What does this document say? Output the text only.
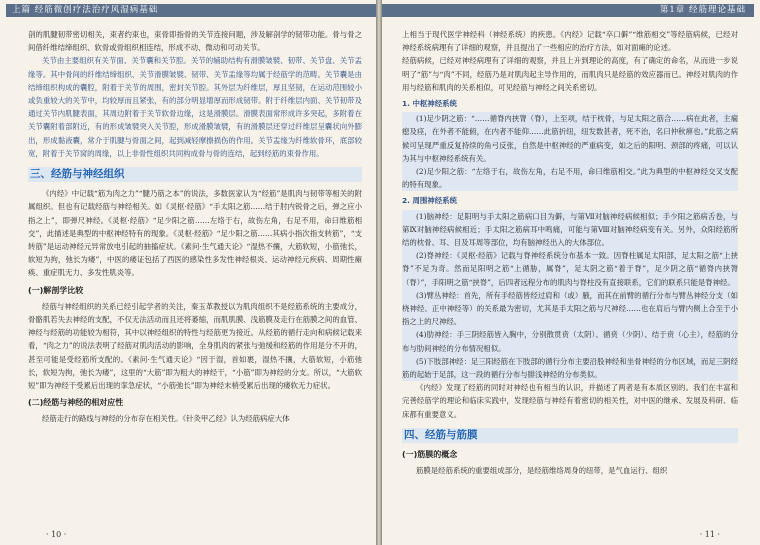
上篇 经筋微创疗法治疗风湿病基础

剖的肌腱韧带密切相关，束者约束也，束骨即指骨的关节连接问题，涉及解剖学的韧带功能。骨与骨之间借纤维结缔组织、软骨或骨组织相连结，形成不动、微动和可动关节。

关节由主要组织有关节面、关节囊和关节腔。关节的辅助结构有滑膜皱襞、韧带、关节盘、关节盂缘等。其中骨间的纤维结缔组织、关节滑膜皱襞、韧带、关节盂缘等均属于经筋学的范畴。关节囊是由结缔组织构成的囊腔，附着于关节的周围，密封关节腔。其外层为纤维层，厚且坚韧，在运动范围较小或负重较大的关节中，均较厚而且紧张，有的部分明显增厚而形成韧带。附于纤维层内面、关节韧带及通过关节内肌腱表面，其周边附着于关节软骨边缘，这是滑膜层。滑膜表面常形成许多突起，多附着在关节囊附着部附近，有的形成皱襞突入关节腔，形成滑膜皱襞，有的滑膜层还穿过纤维层呈囊状向外膨出，形成黏液囊，常介于肌腱与骨面之间，起到减轻摩擦损伤的作用。关节盂缘为纤维软骨环，底部较宽，附着于关节窝的周缘，以上非骨性组织共同构成骨与骨的连结，起到经筋的束骨作用。

三、经筋与神经组织

《内经》中记载“筋为肉之力”“腱乃筋之本”的说法，多数医家认为“经筋”是肌肉与韧带等相关的附属组织。但也有记载经筋与神经相关。如《灵枢·经筋》“手太阳之筋……结于肘内锐骨之后，弹之应小指之上”，即弹尺神经。《灵枢·经筋》“足少阳之筋……左络于右，故伤左角，右足不用，命曰维筋相交”，此描述是典型的中枢神经特有的现象。《灵枢·经筋》“足少阳之筋……其病小指次指支转筋”，“支转筋”是运动神经元异常放电引起的抽搐症状。《素问·生气通天论》“湿热不攘，大筋软短，小筋弛长，软短为拘，弛长为痿”，中医的痿证包括了西医的感染性多发性神经根炎、运动神经元疾病、周期性瘫痪、重症肌无力、多发性肌炎等。

(一)解剖学比较

经筋与神经组织的关系已经引起学者的关注，秦玉革教授以为肌肉组织不是经筋系统的主要成分，骨骼肌若失去神经的支配，不仅无法活动而且还将萎缩，而肌肌膜、浅筋膜及走行在筋膜之间的血管、神经与经筋的功能较为相符，其中以神经组织的特性与经筋更为接近。从经筋的循行走向和病候记载来看，“肉之力”的说法表明了经筋对肌肉活动的影响，全身肌肉的紧张与弛缓和经筋的作用是分不开的，甚至可能是受经筋所支配的。《素问·生气通天论》“因于湿，首如裹，湿热不攘，大筋软短，小筋弛长，软短为拘，弛长为痿”，这里的“大筋”即为粗大的神经干，“小筋”即为神经的分支。所以，“大筋软短”即为神经干受累后出现的挛急症状，“小筋弛长”即为神经末梢受累后出现的痿软无力症状。

(二)经筋与神经的相对应性

经筋走行的路线与神经的分布存在相关性。《针灸甲乙经》认为经筋病症大体

· 10 ·
第1章 经筋理论基础

上相当于现代医学神经科（神经系统）的疾患。《内经》记载“卒口僻”“维筋相交”等经筋病候，已经对神经系统病理有了详细的观察，并且提出了一些相应的治疗方法，如对面瘫的论述。

经筋病候，已经对神经病理有了详细的观察，并且上升到理论的高度，有了确定的命名，从而进一步说明了“筋”与“肉”不同，经筋乃是对肌肉起主导作用的，而肌肉只是经筋的效应器而已。神经对肌肉的作用与经筋和肌肉的关系相似，可见经筋与神经之间关系密切。

1. 中枢神经系统

(1)足少阴之筋：“……循脊内挟膂（脊），上至项，结于枕骨，与足太阳之筋合……病在此者，主痫瘛及痉，在外者不能俯，在内者不能仰……此筋折纽，纽发数甚者，死不治，名曰仲秋痹也。”此筋之病候可呈现严重反复持续的角弓反张，自然是中枢神经的严重病变，如之后的阳明、颈部的疼痛，可以认为其与中枢神经系统有关。

(2)足少阳之筋：“左络于右，故伤左角，右足不用，命曰维筋相交。”此为典型的中枢神经交叉支配的特有现象。

2. 周围神经系统

(1)脑神经：足阳明与手太阳之筋病口目为僻，与第Ⅶ对脑神经病候相似；手少阳之筋病舌卷，与第Ⅸ对脑神经病候相近；手太阳之筋病耳中鸣痛，可能与第Ⅷ对脑神经病变有关。另外，众阳经筋所结的枕骨、耳、目及耳周等部位，均有脑神经出入的大体部位。

(2)脊神经：《灵枢·经筋》记载与脊神经系统分布基本一致。因脊柱属足太阳部，足太阳之筋“上挟脊”不足为奇。然而足阳明之筋“上循胁，属脊”，足太阴之筋“着于脊”，足少阴之筋“循脊内挟膂（脊）”，手阳明之筋“挟脊”，后四者远程分布的肌肉与脊柱没有直接联系，它们的联系只能是脊神经。

(3)臂丛神经：首先，所有手经筋皆经过肩和（或）腋，而其在前臂的循行分布与臂丛神经分支（如桡神经、正中神经等）的关系最为密切，尤其是手太阳之筋与尺神经……也在肩后与臂内侧上合至于小指之上的尺神经。

(4)肋神经：手三阴经筋皆入胸中，分别散贯贲（太阴）、循贲（少阴）、结于贲（心主），经筋的分布与肋间神经的分布情况相似。

(5)下肢部神经：足三阳经筋在下肢部的循行分布主要沿股神经和坐骨神经的分布区域，而足三阴经筋的起始于足部，这一段的循行分布与腓浅神经的分布类似。

《内经》发现了经筋的同时对神经也有相当的认识，并描述了两者是有本质区别的。我们在丰富和完善经筋学的理论和临床实践中，发现经筋与神经有着密切的相关性，对中医的继承、发展及科研、临床都有重要意义。

四、经筋与筋膜
(一)筋膜的概念

筋膜是经筋系统的重要组成部分，是经筋维络周身的纽带，是气血运行、组织

· 11 ·
